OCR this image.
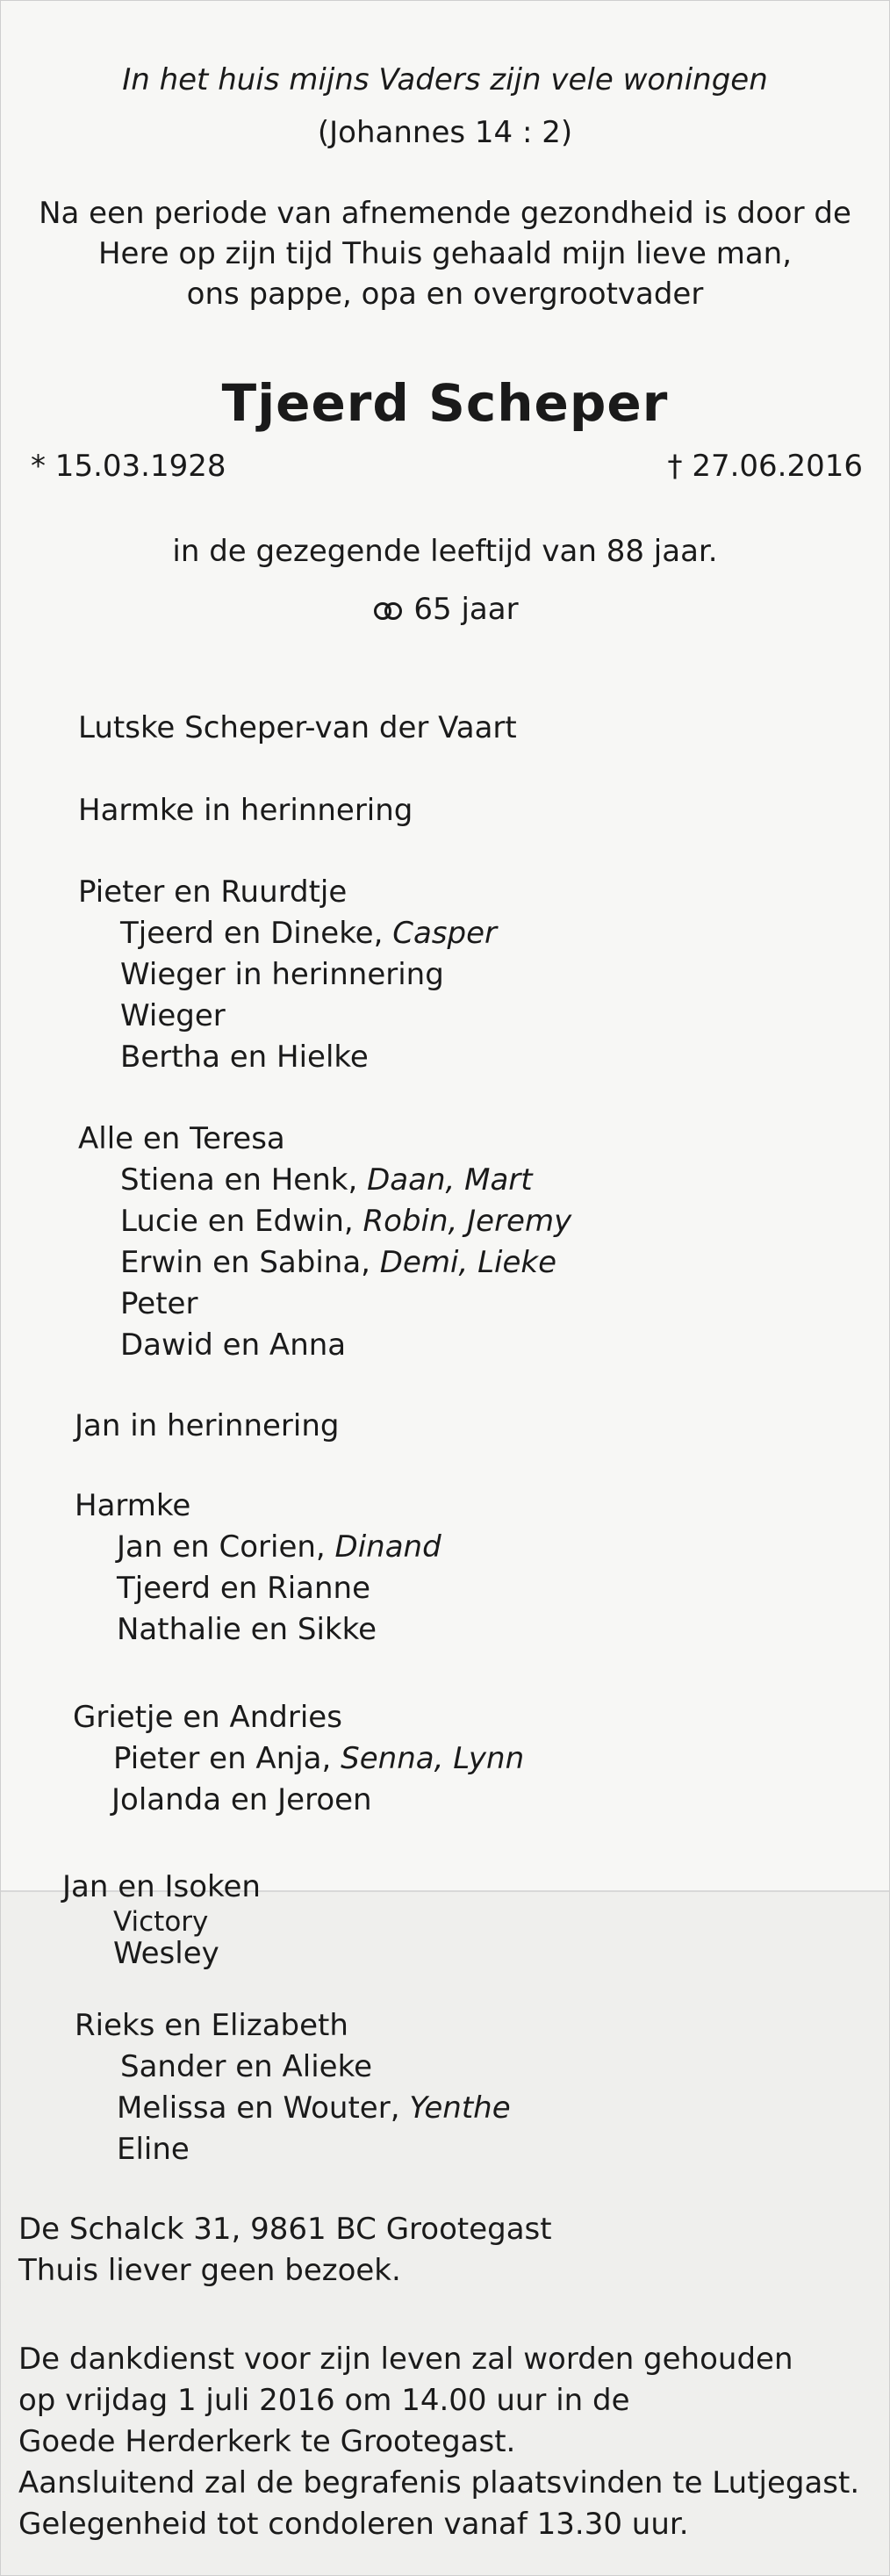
In het huis mijns Vaders zijn vele woningen
(Johannes 14 : 2)
Na een periode van afnemende gezondheid is door de
Here op zijn tijd Thuis gehaald mijn lieve man,
ons pappe, opa en overgrootvader
Tjeerd Scheper
* 15.03.1928	† 27.06.2016
in de gezegende leeftijd van 88 jaar.
65 jaar
Lutske Scheper-van der Vaart
Harmke in herinnering
Pieter en Ruurdtje
Tjeerd en Dineke, Casper
Wieger in herinnering
Wieger
Bertha en Hielke
Alle en Teresa
Stiena en Henk, Daan, Mart
Lucie en Edwin, Robin, Jeremy
Erwin en Sabina, Demi, Lieke
Peter
Dawid en Anna
Jan in herinnering
Harmke
Jan en Corien, Dinand
Tjeerd en Rianne
Nathalie en Sikke
Grietje en Andries
Pieter en Anja, Senna, Lynn
Jolanda en Jeroen
Jan en Isoken
Victory
Wesley
Rieks en Elizabeth
Sander en Alieke
Melissa en Wouter, Yenthe
Eline
De Schalck 31, 9861 BC Grootegast
Thuis liever geen bezoek.
De dankdienst voor zijn leven zal worden gehouden
op vrijdag 1 juli 2016 om 14.00 uur in de
Goede Herderkerk te Grootegast.
Aansluitend zal de begrafenis plaatsvinden te Lutjegast.
Gelegenheid tot condoleren vanaf 13.30 uur.
